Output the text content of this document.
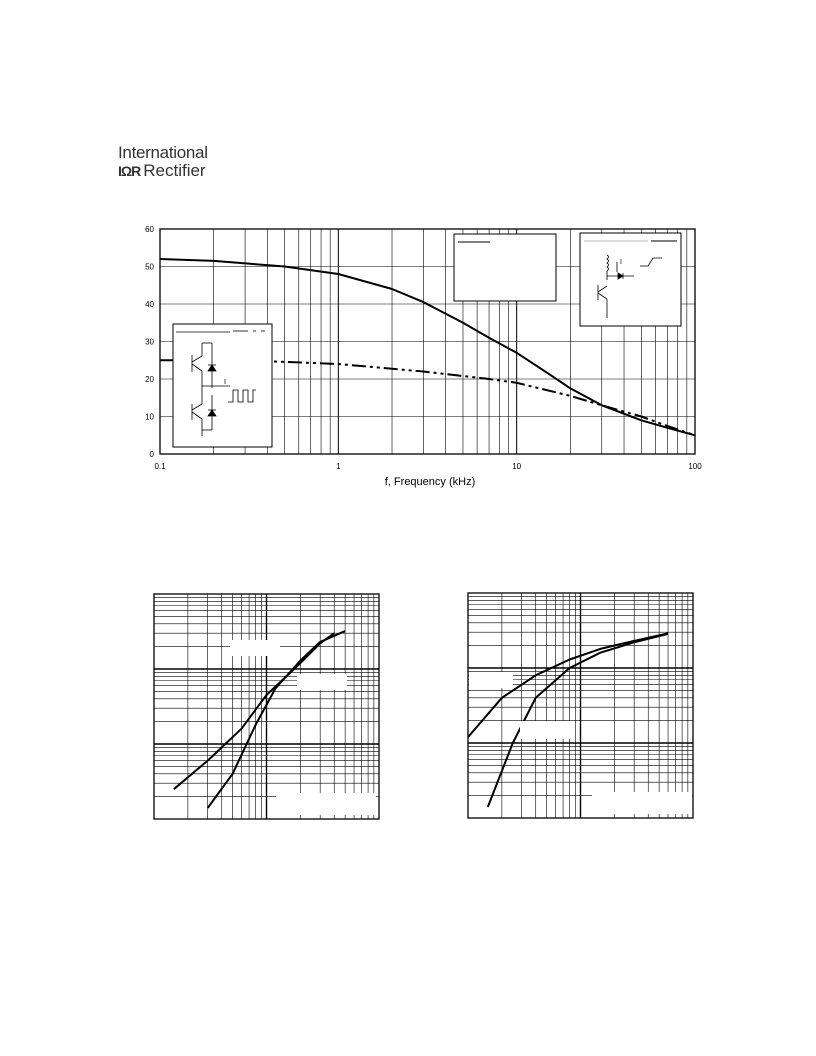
International
IΩR Rectifier
0
10
20
30
40
50
60
0.1	1	10	100
f, Frequency (kHz)
I
I
